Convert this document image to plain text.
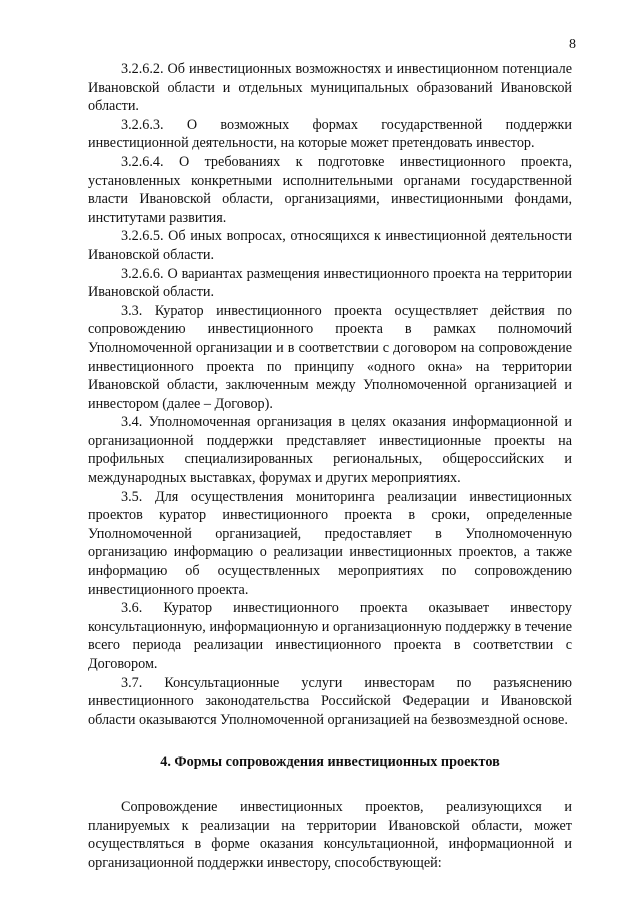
8

3.2.6.2. Об инвестиционных возможностях и инвестиционном потенциале Ивановской области и отдельных муниципальных образований Ивановской области.

3.2.6.3. О возможных формах государственной поддержки инвестиционной деятельности, на которые может претендовать инвестор.

3.2.6.4. О требованиях к подготовке инвестиционного проекта, установленных конкретными исполнительными органами государственной власти Ивановской области, организациями, инвестиционными фондами, институтами развития.

3.2.6.5. Об иных вопросах, относящихся к инвестиционной деятельности Ивановской области.

3.2.6.6. О вариантах размещения инвестиционного проекта на территории Ивановской области.

3.3. Куратор инвестиционного проекта осуществляет действия по сопровождению инвестиционного проекта в рамках полномочий Уполномоченной организации и в соответствии с договором на сопровождение инвестиционного проекта по принципу «одного окна» на территории Ивановской области, заключенным между Уполномоченной организацией и инвестором (далее – Договор).

3.4. Уполномоченная организация в целях оказания информационной и организационной поддержки представляет инвестиционные проекты на профильных специализированных региональных, общероссийских и международных выставках, форумах и других мероприятиях.

3.5. Для осуществления мониторинга реализации инвестиционных проектов куратор инвестиционного проекта в сроки, определенные Уполномоченной организацией, предоставляет в Уполномоченную организацию информацию о реализации инвестиционных проектов, а также информацию об осуществленных мероприятиях по сопровождению инвестиционного проекта.

3.6. Куратор инвестиционного проекта оказывает инвестору консультационную, информационную и организационную поддержку в течение всего периода реализации инвестиционного проекта в соответствии с Договором.

3.7. Консультационные услуги инвесторам по разъяснению инвестиционного законодательства Российской Федерации и Ивановской области оказываются Уполномоченной организацией на безвозмездной основе.

4. Формы сопровождения инвестиционных проектов

Сопровождение инвестиционных проектов, реализующихся и планируемых к реализации на территории Ивановской области, может осуществляться в форме оказания консультационной, информационной и организационной поддержки инвестору, способствующей:
